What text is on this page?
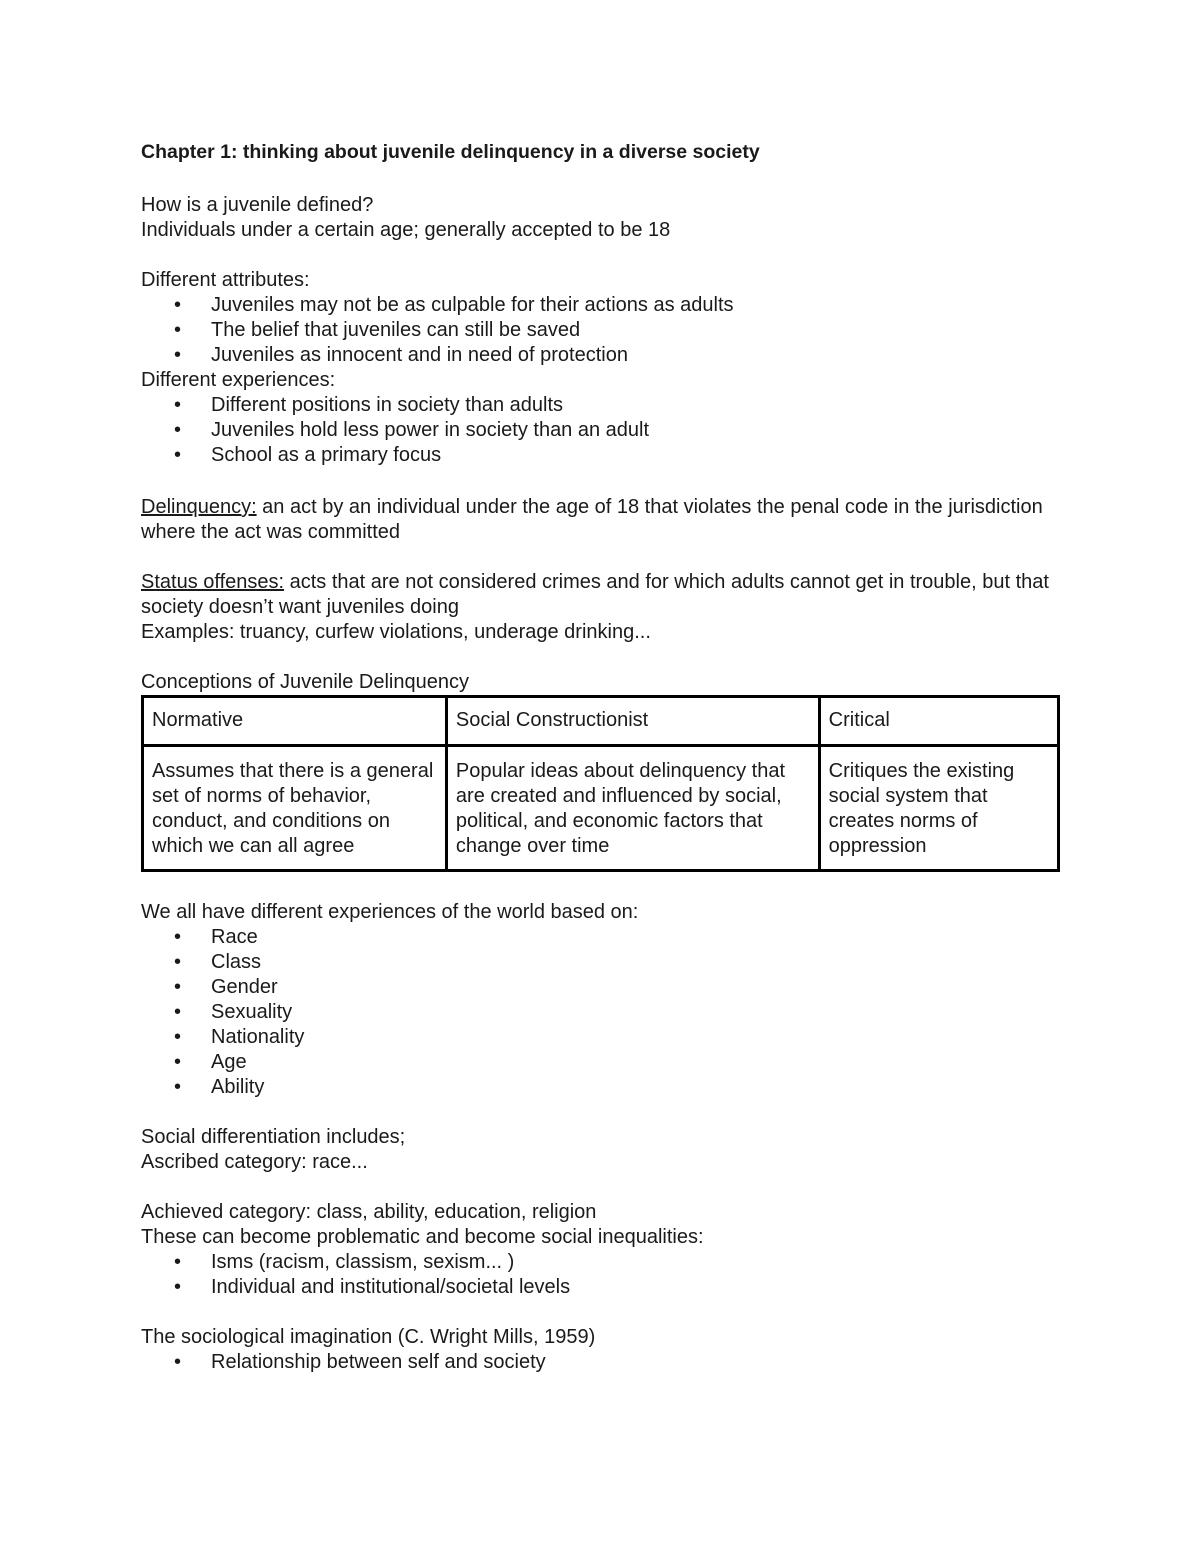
Chapter 1: thinking about juvenile delinquency in a diverse society

How is a juvenile defined?

Individuals under a certain age; generally accepted to be 18

Different attributes:

• Juveniles may not be as culpable for their actions as adults
• The belief that juveniles can still be saved
• Juveniles as innocent and in need of protection

Different experiences:

• Different positions in society than adults
• Juveniles hold less power in society than an adult
• School as a primary focus

Delinquency: an act by an individual under the age of 18 that violates the penal code in the jurisdiction where the act was committed

Status offenses: acts that are not considered crimes and for which adults cannot get in trouble, but that society doesn’t want juveniles doing

Examples: truancy, curfew violations, underage drinking...

Conceptions of Juvenile Delinquency

Normative	Social Constructionist	Critical
Assumes that there is a general set of norms of behavior, conduct, and conditions on which we can all agree	Popular ideas about delinquency that are created and influenced by social, political, and economic factors that change over time	Critiques the existing social system that creates norms of oppression

We all have different experiences of the world based on:

• Race
• Class
• Gender
• Sexuality
• Nationality
• Age
• Ability

Social differentiation includes;

Ascribed category: race...

Achieved category: class, ability, education, religion

These can become problematic and become social inequalities:

• Isms (racism, classism, sexism... )
• Individual and institutional/societal levels

The sociological imagination (C. Wright Mills, 1959)

• Relationship between self and society
